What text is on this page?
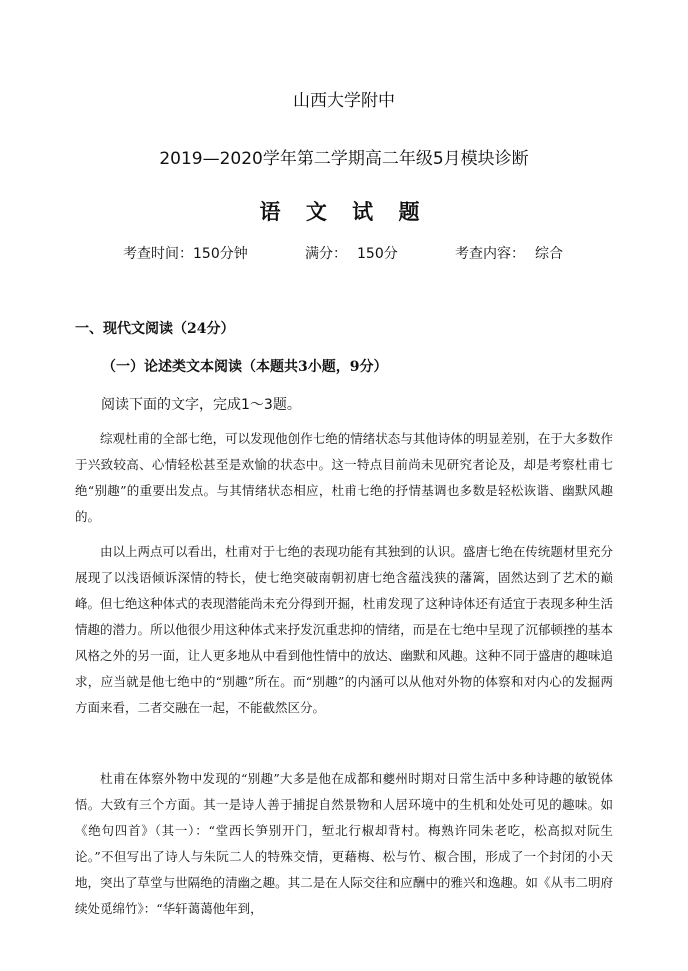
山西大学附中
2019—2020学年第二学期高二年级5月模块诊断
语 文 试 题
考查时间：150分钟	满分： 150分	考查内容： 综合
一、现代文阅读（24分）
（一）论述类文本阅读（本题共3小题，9分）
阅读下面的文字，完成1～3题。

综观杜甫的全部七绝，可以发现他创作七绝的情绪状态与其他诗体的明显差别，在于大多数作于兴致较高、心情轻松甚至是欢愉的状态中。这一特点目前尚未见研究者论及，却是考察杜甫七绝“别趣”的重要出发点。与其情绪状态相应，杜甫七绝的抒情基调也多数是轻松诙谐、幽默风趣的。

由以上两点可以看出，杜甫对于七绝的表现功能有其独到的认识。盛唐七绝在传统题材里充分展现了以浅语倾诉深情的特长，使七绝突破南朝初唐七绝含蕴浅狭的藩篱，固然达到了艺术的巅峰。但七绝这种体式的表现潜能尚未充分得到开掘，杜甫发现了这种诗体还有适宜于表现多种生活情趣的潜力。所以他很少用这种体式来抒发沉重悲抑的情绪，而是在七绝中呈现了沉郁顿挫的基本风格之外的另一面，让人更多地从中看到他性情中的放达、幽默和风趣。这种不同于盛唐的趣味追求，应当就是他七绝中的“别趣”所在。而“别趣”的内涵可以从他对外物的体察和对内心的发掘两方面来看，二者交融在一起，不能截然区分。

杜甫在体察外物中发现的“别趣”大多是他在成都和夔州时期对日常生活中多种诗趣的敏锐体悟。大致有三个方面。其一是诗人善于捕捉自然景物和人居环境中的生机和处处可见的趣味。如《绝句四首》（其一）：“堂西长笋别开门，堑北行椒却背村。梅熟许同朱老吃，松高拟对阮生论。”不但写出了诗人与朱阮二人的特殊交情，更藉梅、松与竹、椒合围，形成了一个封闭的小天地，突出了草堂与世隔绝的清幽之趣。其二是在人际交往和应酬中的雅兴和逸趣。如《从韦二明府续处觅绵竹》：“华轩蔼蔼他年到，
